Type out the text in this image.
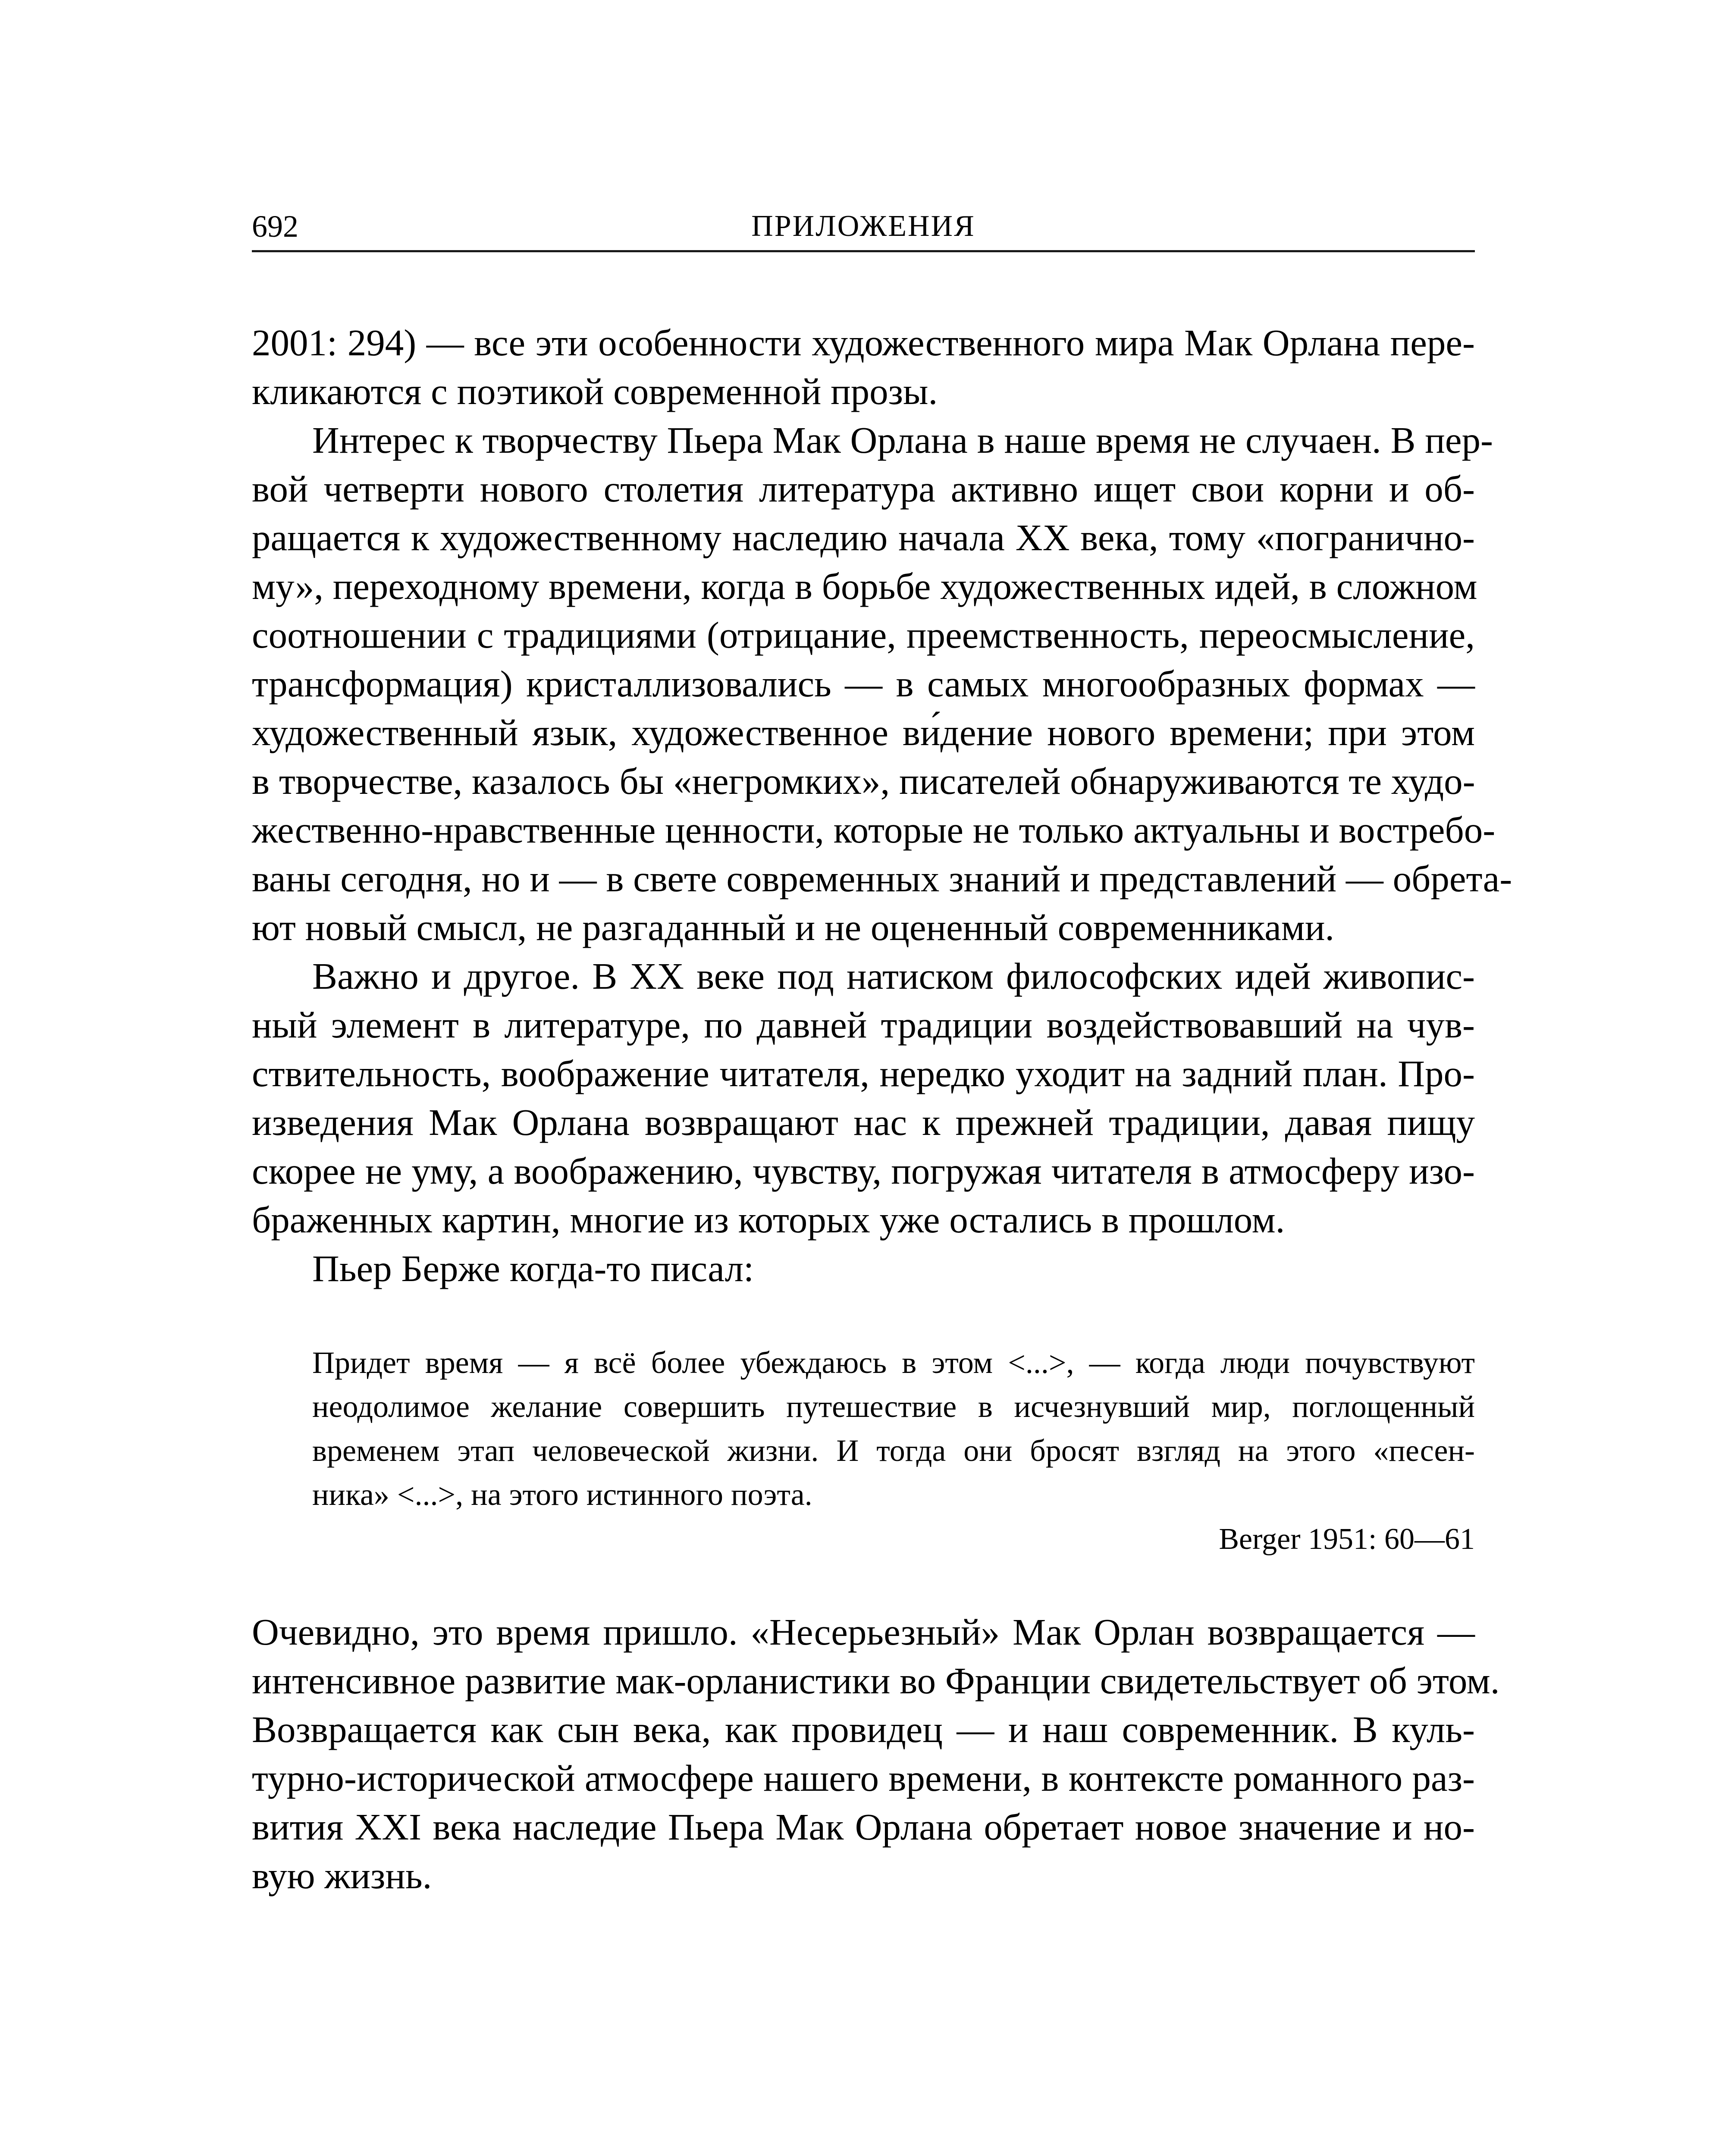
692	ПРИЛОЖЕНИЯ
2001: 294) — все эти особенности художественного мира Мак Орлана пере-
кликаются с поэтикой современной прозы.
Интерес к творчеству Пьера Мак Орлана в наше время не случаен. В пер-
вой четверти нового столетия литература активно ищет свои корни и об-
ращается к художественному наследию начала XX века, тому «погранично-
му», переходному времени, когда в борьбе художественных идей, в сложном
соотношении с традициями (отрицание, преемственность, переосмысление,
трансформация) кристаллизовались — в самых многообразных формах —
художественный язык, художественное ви́дение нового времени; при этом
в творчестве, казалось бы «негромких», писателей обнаруживаются те худо-
жественно-нравственные ценности, которые не только актуальны и востребо-
ваны сегодня, но и — в свете современных знаний и представлений — обрета-
ют новый смысл, не разгаданный и не оцененный современниками.
Важно и другое. В XX веке под натиском философских идей живопис-
ный элемент в литературе, по давней традиции воздействовавший на чув-
ствительность, воображение читателя, нередко уходит на задний план. Про-
изведения Мак Орлана возвращают нас к прежней традиции, давая пищу
скорее не уму, а воображению, чувству, погружая читателя в атмосферу изо-
браженных картин, многие из которых уже остались в прошлом.
Пьер Берже когда-то писал:
Придет время — я всё более убеждаюсь в этом <...>, — когда люди почувствуют
неодолимое желание совершить путешествие в исчезнувший мир, поглощенный
временем этап человеческой жизни. И тогда они бросят взгляд на этого «песен-
ника» <...>, на этого истинного поэта.
Berger 1951: 60—61
Очевидно, это время пришло. «Несерьезный» Мак Орлан возвращается —
интенсивное развитие мак-орланистики во Франции свидетельствует об этом.
Возвращается как сын века, как провидец — и наш современник. В куль-
турно-исторической атмосфере нашего времени, в контексте романного раз-
вития XXI века наследие Пьера Мак Орлана обретает новое значение и но-
вую жизнь.
